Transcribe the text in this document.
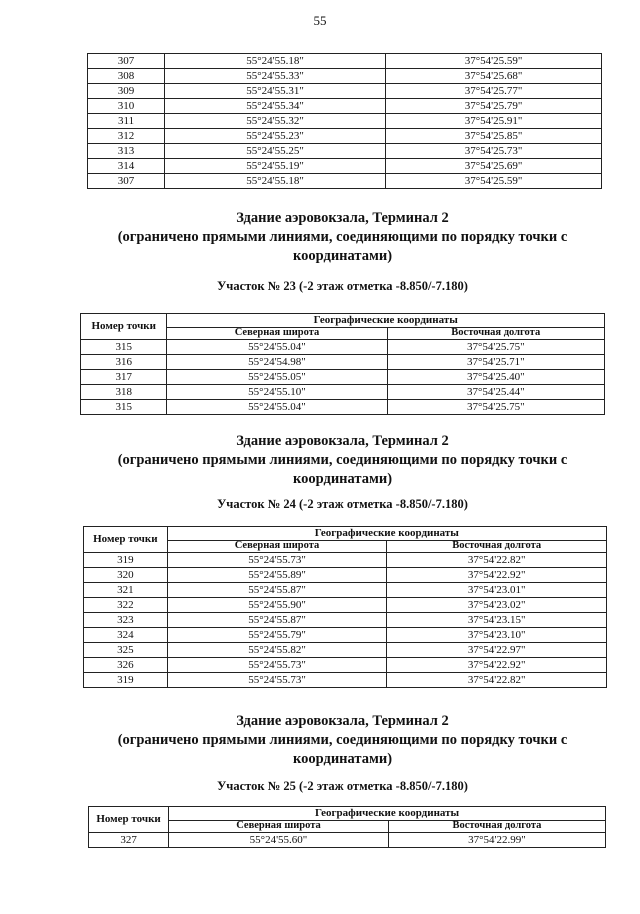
55
307	55°24'55.18"	37°54'25.59"
308	55°24'55.33"	37°54'25.68"
309	55°24'55.31"	37°54'25.77"
310	55°24'55.34"	37°54'25.79"
311	55°24'55.32"	37°54'25.91"
312	55°24'55.23"	37°54'25.85"
313	55°24'55.25"	37°54'25.73"
314	55°24'55.19"	37°54'25.69"
307	55°24'55.18"	37°54'25.59"
Здание аэровокзала, Терминал 2
(ограничено прямыми линиями, соединяющими по порядку точки с
координатами)
Участок № 23 (-2 этаж отметка -8.850/-7.180)
Номер точки	Географические координаты	
	Северная широта	Восточная долгота
315	55°24'55.04"	37°54'25.75"
316	55°24'54.98"	37°54'25.71"
317	55°24'55.05"	37°54'25.40"
318	55°24'55.10"	37°54'25.44"
315	55°24'55.04"	37°54'25.75"
Здание аэровокзала, Терминал 2
(ограничено прямыми линиями, соединяющими по порядку точки с
координатами)
Участок № 24 (-2 этаж отметка -8.850/-7.180)
Номер точки	Географические координаты	
	Северная широта	Восточная долгота
319	55°24'55.73"	37°54'22.82"
320	55°24'55.89"	37°54'22.92"
321	55°24'55.87"	37°54'23.01"
322	55°24'55.90"	37°54'23.02"
323	55°24'55.87"	37°54'23.15"
324	55°24'55.79"	37°54'23.10"
325	55°24'55.82"	37°54'22.97"
326	55°24'55.73"	37°54'22.92"
319	55°24'55.73"	37°54'22.82"
Здание аэровокзала, Терминал 2
(ограничено прямыми линиями, соединяющими по порядку точки с
координатами)
Участок № 25 (-2 этаж отметка -8.850/-7.180)
Номер точки	Географические координаты	
	Северная широта	Восточная долгота
327	55°24'55.60"	37°54'22.99"
